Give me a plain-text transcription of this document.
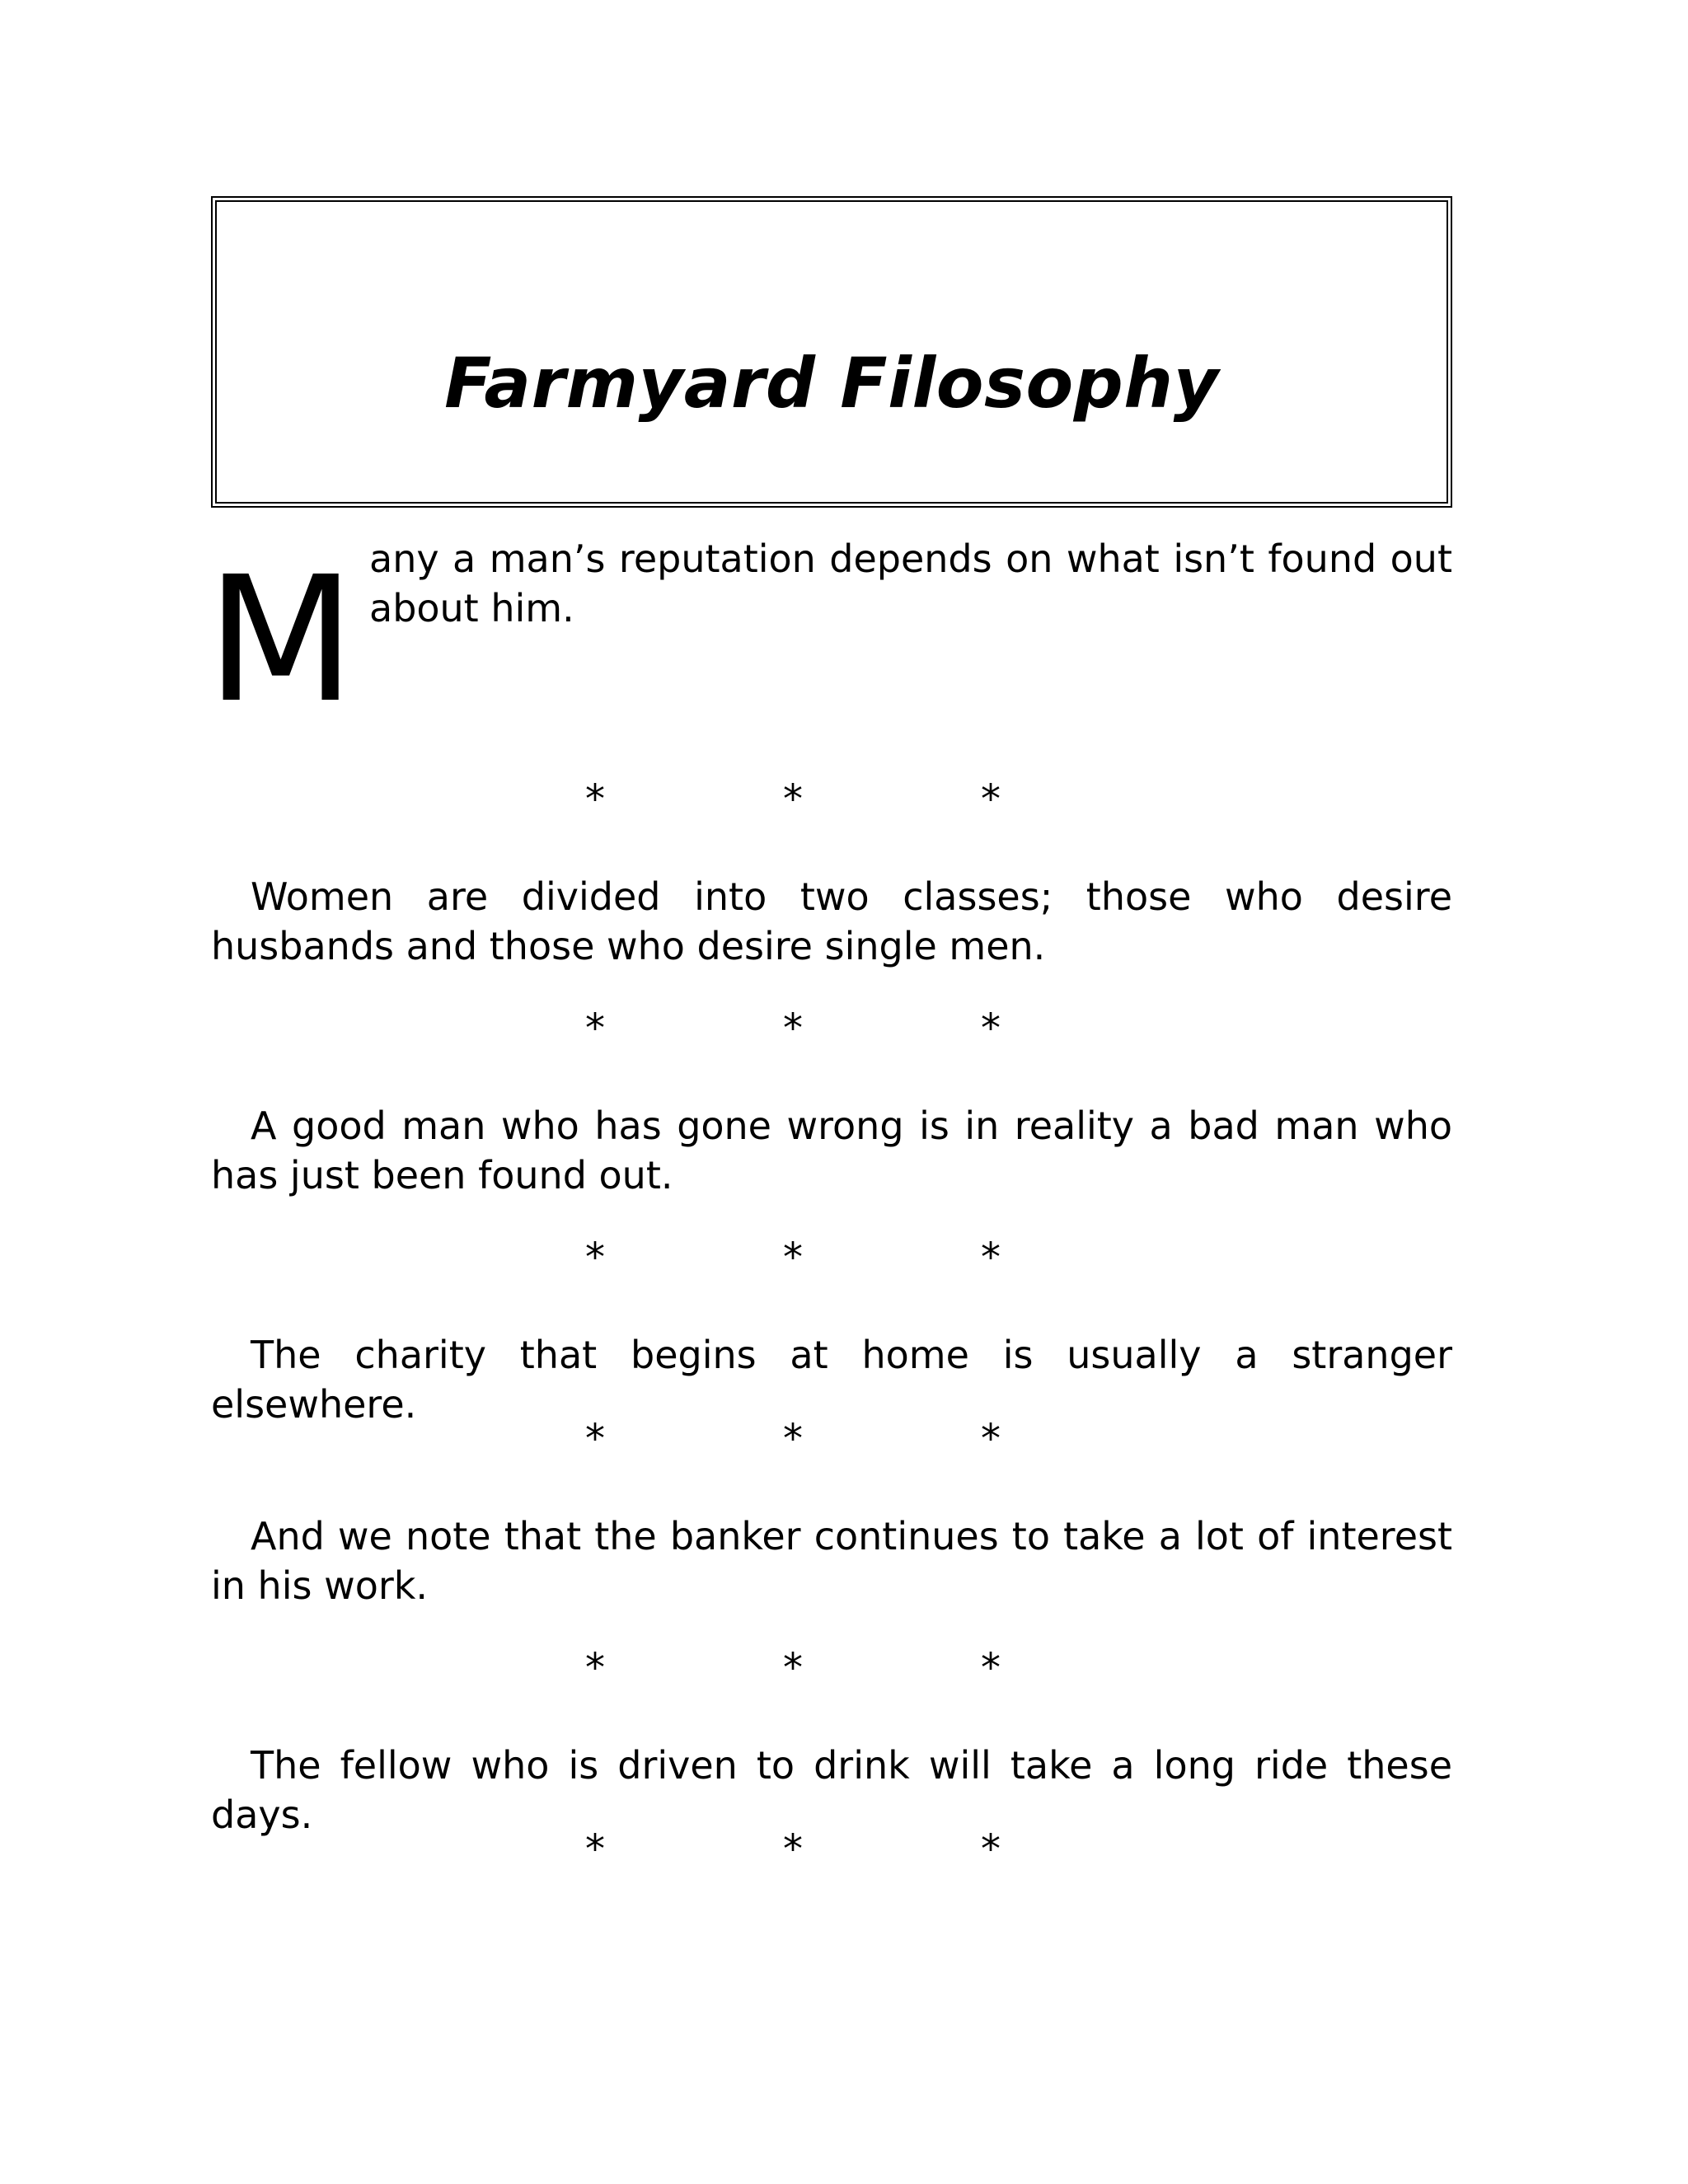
Farmyard Filosophy
M any a man’s reputation depends on what isn’t found out about him.
*	*	*
Women are divided into two classes; those who desire husbands and those who desire single men.
*	*	*
A good man who has gone wrong is in reality a bad man who has just been found out.
*	*	*
The charity that begins at home is usually a stranger elsewhere.
*	*	*
And we note that the banker continues to take a lot of interest in his work.
*	*	*
The fellow who is driven to drink will take a long ride these days.
*	*	*
